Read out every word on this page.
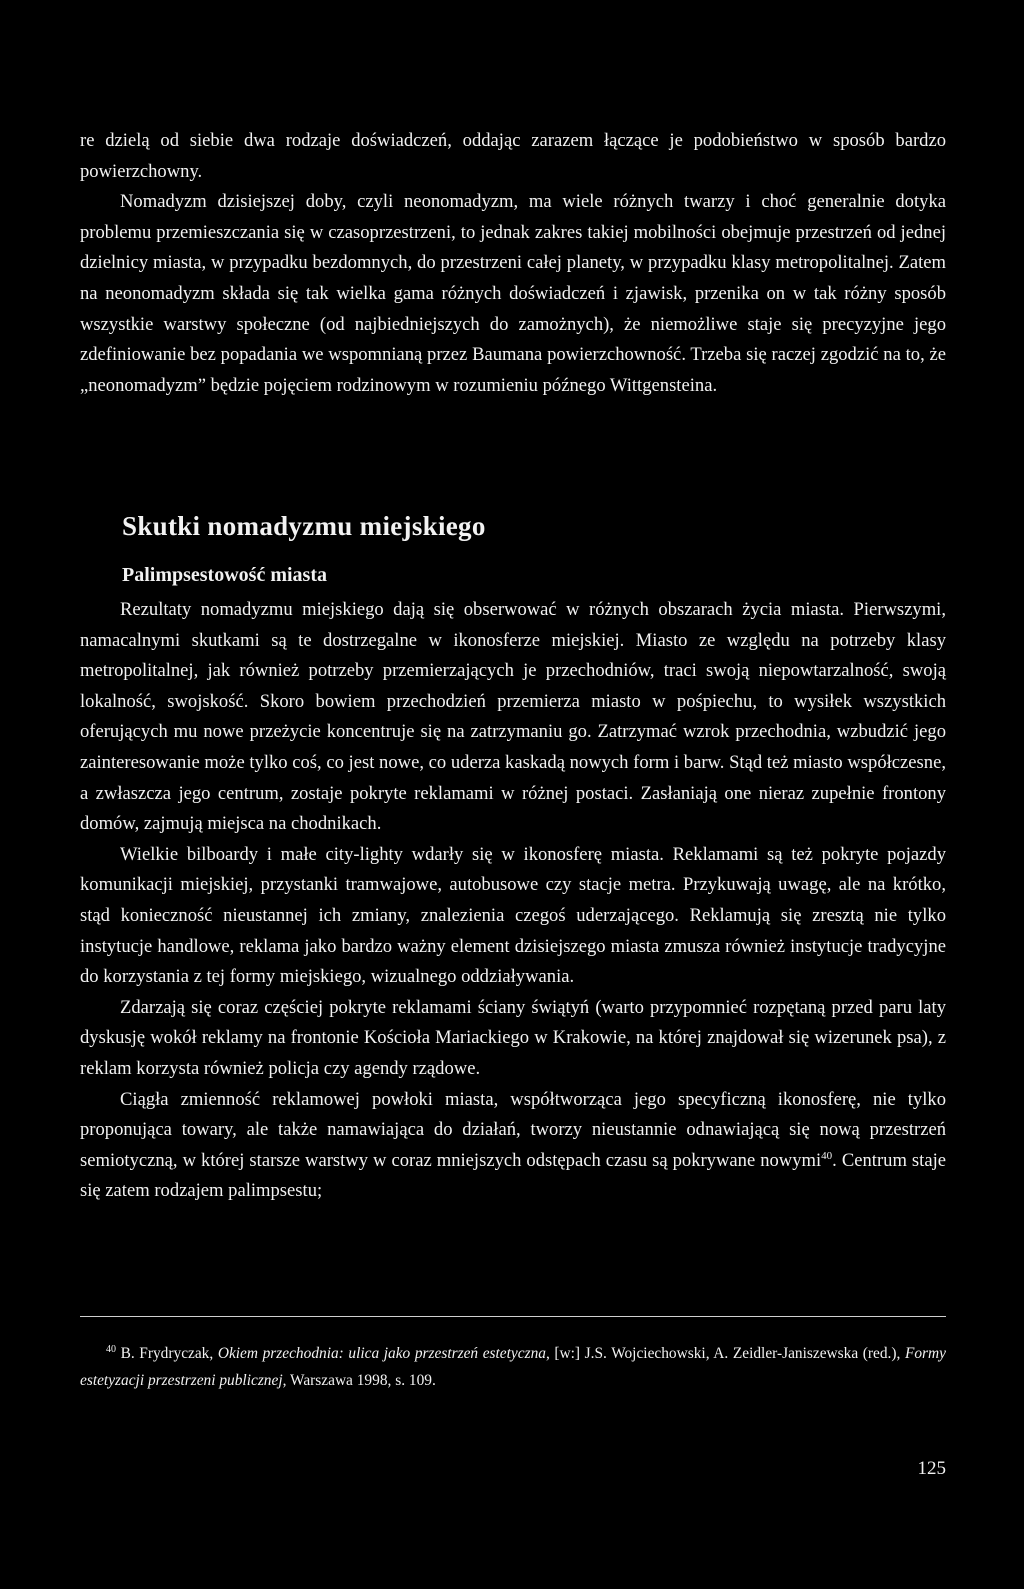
re dzielą od siebie dwa rodzaje doświadczeń, oddając zarazem łączące je podobieństwo w sposób bardzo powierzchowny.

Nomadyzm dzisiejszej doby, czyli neonomadyzm, ma wiele różnych twarzy i choć generalnie dotyka problemu przemieszczania się w czasoprzestrzeni, to jednak zakres takiej mobilności obejmuje przestrzeń od jednej dzielnicy miasta, w przypadku bezdomnych, do przestrzeni całej planety, w przypadku klasy metropolitalnej. Zatem na neonomadyzm składa się tak wielka gama różnych doświadczeń i zjawisk, przenika on w tak różny sposób wszystkie warstwy społeczne (od najbiedniejszych do zamożnych), że niemożliwe staje się precyzyjne jego zdefiniowanie bez popadania we wspomnianą przez Baumana powierzchowność. Trzeba się raczej zgodzić na to, że „neonomadyzm” będzie pojęciem rodzinowym w rozumieniu późnego Wittgensteina.

Skutki nomadyzmu miejskiego
Palimpsestowość miasta

Rezultaty nomadyzmu miejskiego dają się obserwować w różnych obszarach życia miasta. Pierwszymi, namacalnymi skutkami są te dostrzegalne w ikonosferze miejskiej. Miasto ze względu na potrzeby klasy metropolitalnej, jak również potrzeby przemierzających je przechodniów, traci swoją niepowtarzalność, swoją lokalność, swojskość. Skoro bowiem przechodzień przemierza miasto w pośpiechu, to wysiłek wszystkich oferujących mu nowe przeżycie koncentruje się na zatrzymaniu go. Zatrzymać wzrok przechodnia, wzbudzić jego zainteresowanie może tylko coś, co jest nowe, co uderza kaskadą nowych form i barw. Stąd też miasto współczesne, a zwłaszcza jego centrum, zostaje pokryte reklamami w różnej postaci. Zasłaniają one nieraz zupełnie frontony domów, zajmują miejsca na chodnikach.

Wielkie bilboardy i małe city-lighty wdarły się w ikonosferę miasta. Reklamami są też pokryte pojazdy komunikacji miejskiej, przystanki tramwajowe, autobusowe czy stacje metra. Przykuwają uwagę, ale na krótko, stąd konieczność nieustannej ich zmiany, znalezienia czegoś uderzającego. Reklamują się zresztą nie tylko instytucje handlowe, reklama jako bardzo ważny element dzisiejszego miasta zmusza również instytucje tradycyjne do korzystania z tej formy miejskiego, wizualnego oddziaływania.

Zdarzają się coraz częściej pokryte reklamami ściany świątyń (warto przypomnieć rozpętaną przed paru laty dyskusję wokół reklamy na frontonie Kościoła Mariackiego w Krakowie, na której znajdował się wizerunek psa), z reklam korzysta również policja czy agendy rządowe.

Ciągła zmienność reklamowej powłoki miasta, współtworząca jego specyficzną ikonosferę, nie tylko proponująca towary, ale także namawiająca do działań, tworzy nieustannie odnawiającą się nową przestrzeń semiotyczną, w której starsze warstwy w coraz mniejszych odstępach czasu są pokrywane nowymi$^{40}$. Centrum staje się zatem rodzajem palimpsestu;

$^{40}$ B. Frydryczak, Okiem przechodnia: ulica jako przestrzeń estetyczna, [w:] J.S. Wojciechowski, A. Zeidler-Janiszewska (red.), Formy estetyzacji przestrzeni publicznej, Warszawa 1998, s. 109.

125
